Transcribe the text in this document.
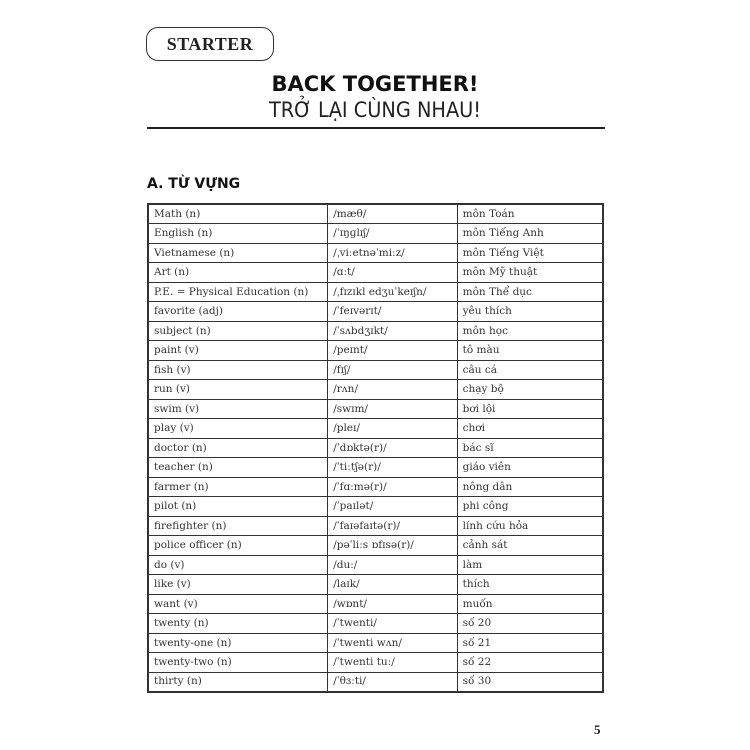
STARTER
BACK TOGETHER!
TRỞ LẠI CÙNG NHAU!
A. TỪ VỰNG
Math (n)	/mæθ/	môn Toán
English (n)	/ˈɪŋɡlɪʃ/	môn Tiếng Anh
Vietnamese (n)	/ˌviːetnəˈmiːz/	môn Tiếng Việt
Art (n)	/ɑːt/	môn Mỹ thuật
P.E. = Physical Education (n)	/ˌfɪzɪkl edʒuˈkeɪʃn/	môn Thể dục
favorite (adj)	/ˈfeɪvərɪt/	yêu thích
subject (n)	/ˈsʌbdʒɪkt/	môn học
paint (v)	/peɪnt/	tô màu
fish (v)	/fɪʃ/	câu cá
run (v)	/rʌn/	chạy bộ
swim (v)	/swɪm/	bơi lội
play (v)	/pleɪ/	chơi
doctor (n)	/ˈdɒktə(r)/	bác sĩ
teacher (n)	/ˈtiːtʃə(r)/	giáo viên
farmer (n)	/ˈfɑːmə(r)/	nông dân
pilot (n)	/ˈpaɪlət/	phi công
firefighter (n)	/ˈfaɪəfaɪtə(r)/	lính cứu hỏa
police officer (n)	/pəˈliːs ɒfɪsə(r)/	cảnh sát
do (v)	/duː/	làm
like (v)	/laɪk/	thích
want (v)	/wɒnt/	muốn
twenty (n)	/ˈtwenti/	số 20
twenty-one (n)	/ˈtwenti wʌn/	số 21
twenty-two (n)	/ˈtwenti tuː/	số 22
thirty (n)	/ˈθɜːti/	số 30
5
